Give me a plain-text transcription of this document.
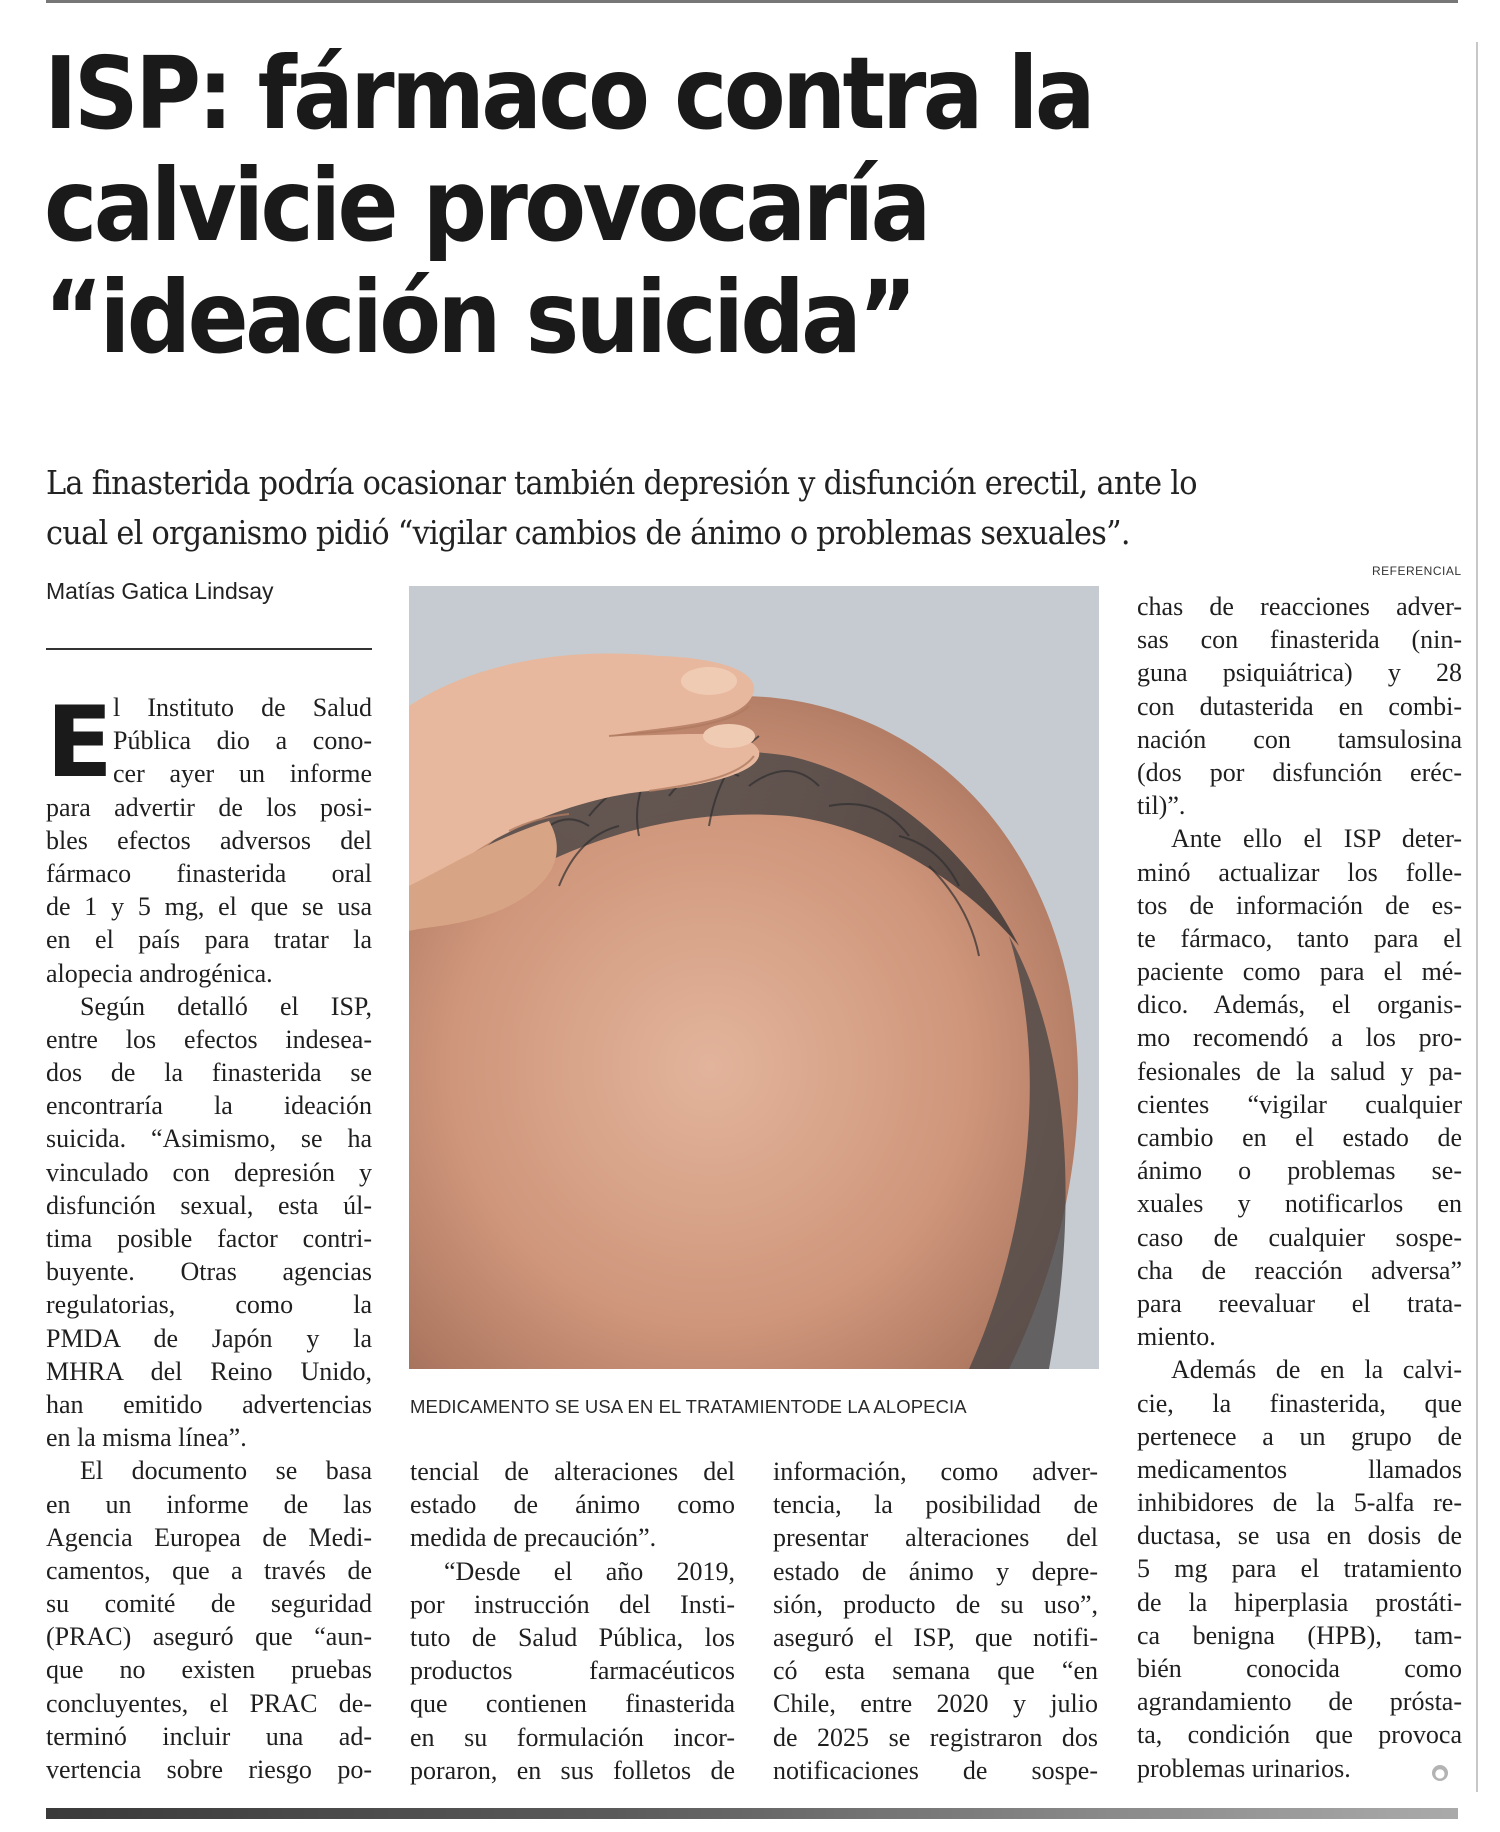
ISP: fármaco contra la
calvicie provocaría
“ideación suicida”

La finasterida podría ocasionar también depresión y disfunción erectil, ante lo
cual el organismo pidió “vigilar cambios de ánimo o problemas sexuales”.

Matías Gatica Lindsay

REFERENCIAL
MEDICAMENTO SE USA EN EL TRATAMIENTODE LA ALOPECIA
E l Instituto de Salud
Pública dio a cono-
cer ayer un informe
para advertir de los posi-
bles efectos adversos del
fármaco finasterida oral
de 1 y 5 mg, el que se usa
en el país para tratar la
alopecia androgénica.
Según detalló el ISP,
entre los efectos indesea-
dos de la finasterida se
encontraría la ideación
suicida. “Asimismo, se ha
vinculado con depresión y
disfunción sexual, esta úl-
tima posible factor contri-
buyente. Otras agencias
regulatorias, como la
PMDA de Japón y la
MHRA del Reino Unido,
han emitido advertencias
en la misma línea”.
El documento se basa
en un informe de las
Agencia Europea de Medi-
camentos, que a través de
su comité de seguridad
(PRAC) aseguró que “aun-
que no existen pruebas
concluyentes, el PRAC de-
terminó incluir una ad-
vertencia sobre riesgo po-
tencial de alteraciones del
estado de ánimo como
medida de precaución”.
“Desde el año 2019,
por instrucción del Insti-
tuto de Salud Pública, los
productos farmacéuticos
que contienen finasterida
en su formulación incor-
poraron, en sus folletos de
información, como adver-
tencia, la posibilidad de
presentar alteraciones del
estado de ánimo y depre-
sión, producto de su uso”,
aseguró el ISP, que notifi-
có esta semana que “en
Chile, entre 2020 y julio
de 2025 se registraron dos
notificaciones de sospe-
chas de reacciones adver-
sas con finasterida (nin-
guna psiquiátrica) y 28
con dutasterida en combi-
nación con tamsulosina
(dos por disfunción eréc-
til)”.
Ante ello el ISP deter-
minó actualizar los folle-
tos de información de es-
te fármaco, tanto para el
paciente como para el mé-
dico. Además, el organis-
mo recomendó a los pro-
fesionales de la salud y pa-
cientes “vigilar cualquier
cambio en el estado de
ánimo o problemas se-
xuales y notificarlos en
caso de cualquier sospe-
cha de reacción adversa”
para reevaluar el trata-
miento.
Además de en la calvi-
cie, la finasterida, que
pertenece a un grupo de
medicamentos llamados
inhibidores de la 5-alfa re-
ductasa, se usa en dosis de
5 mg para el tratamiento
de la hiperplasia prostáti-
ca benigna (HPB), tam-
bién conocida como
agrandamiento de prósta-
ta, condición que provoca
problemas urinarios.	●
